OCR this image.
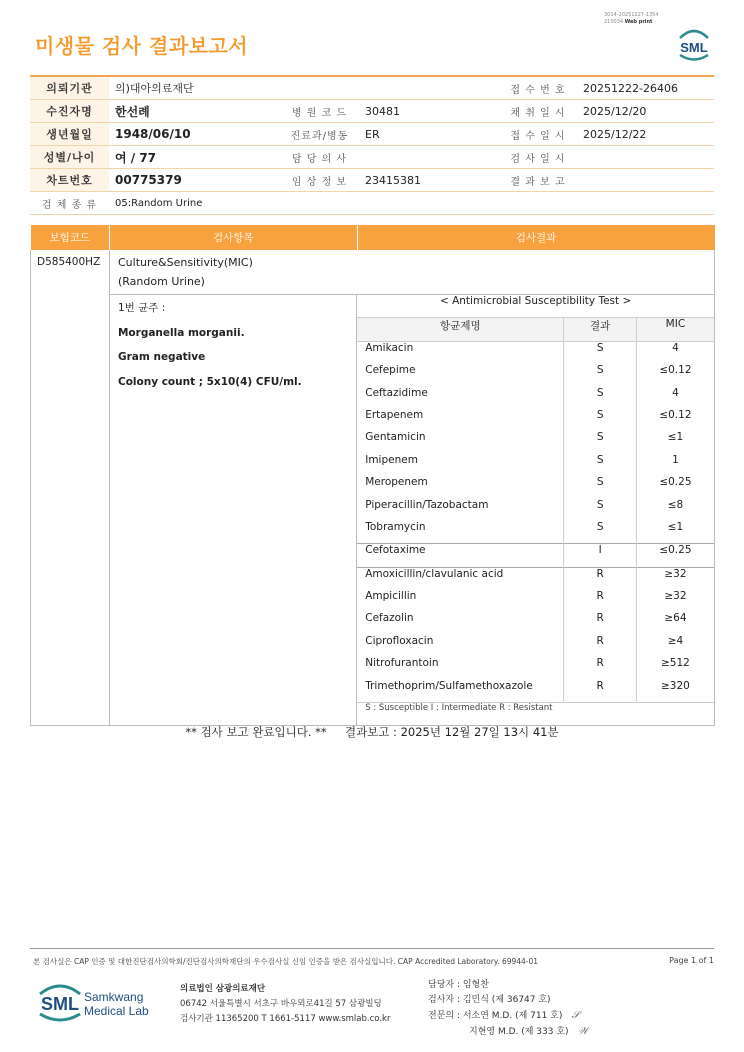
미생물 검사 결과보고서
3014-20251227-1354
210034 Web print
SML
의뢰기관	의)대아의료재단			접 수 번 호	20251222-26406
수진자명	한선례	병 원 코 드	30481	채 취 일 시	2025/12/20
생년월일	1948/06/10	진료과/병동	ER	접 수 일 시	2025/12/22
성별/나이	여 / 77	담 당 의 사		검 사 일 시	
차트번호	00775379	임 상 정 보	23415381	결 과 보 고	
검 체 종 류	05:Random Urine				
보험코드	검사항목	검사결과
D585400HZ	Culture&Sensitivity(MIC)
(Random Urine)

1번 균주 :
Morganella morganii.
Gram negative
Colony count ; 5x10(4) CFU/ml.

< Antimicrobial Susceptibility Test >
항균제명	결과	MIC
Amikacin	S	4
Cefepime	S	≤0.12
Ceftazidime	S	4
Ertapenem	S	≤0.12
Gentamicin	S	≤1
Imipenem	S	1
Meropenem	S	≤0.25
Piperacillin/Tazobactam	S	≤8
Tobramycin	S	≤1
Cefotaxime	I	≤0.25
Amoxicillin/clavulanic acid	R	≥32
Ampicillin	R	≥32
Cefazolin	R	≥64
Ciprofloxacin	R	≥4
Nitrofurantoin	R	≥512
Trimethoprim/Sulfamethoxazole	R	≥320
S : Susceptible I : Intermediate R : Resistant
** 검사 보고 완료입니다. ** 결과보고 : 2025년 12월 27일 13시 41분
본 검사실은 CAP 인증 및 대한진단검사의학회/진단검사의학재단의 우수검사실 신임 인증을 받은 검사실입니다. CAP Accredited Laboratory. 69944-01	Page 1 of 1
SML Samkwang
Medical Lab
의료법인 삼광의료재단
06742 서울특별시 서초구 바우뫼로41길 57 삼광빌딩
검사기관 11365200 T 1661-5117 www.smlab.co.kr
담당자 : 임형찬
검사자 : 김민식 (제 36747 호)
전문의 : 서소연 M.D. (제 711 호)   𝒮
지현영 M.D. (제 333 호)   𝒲
